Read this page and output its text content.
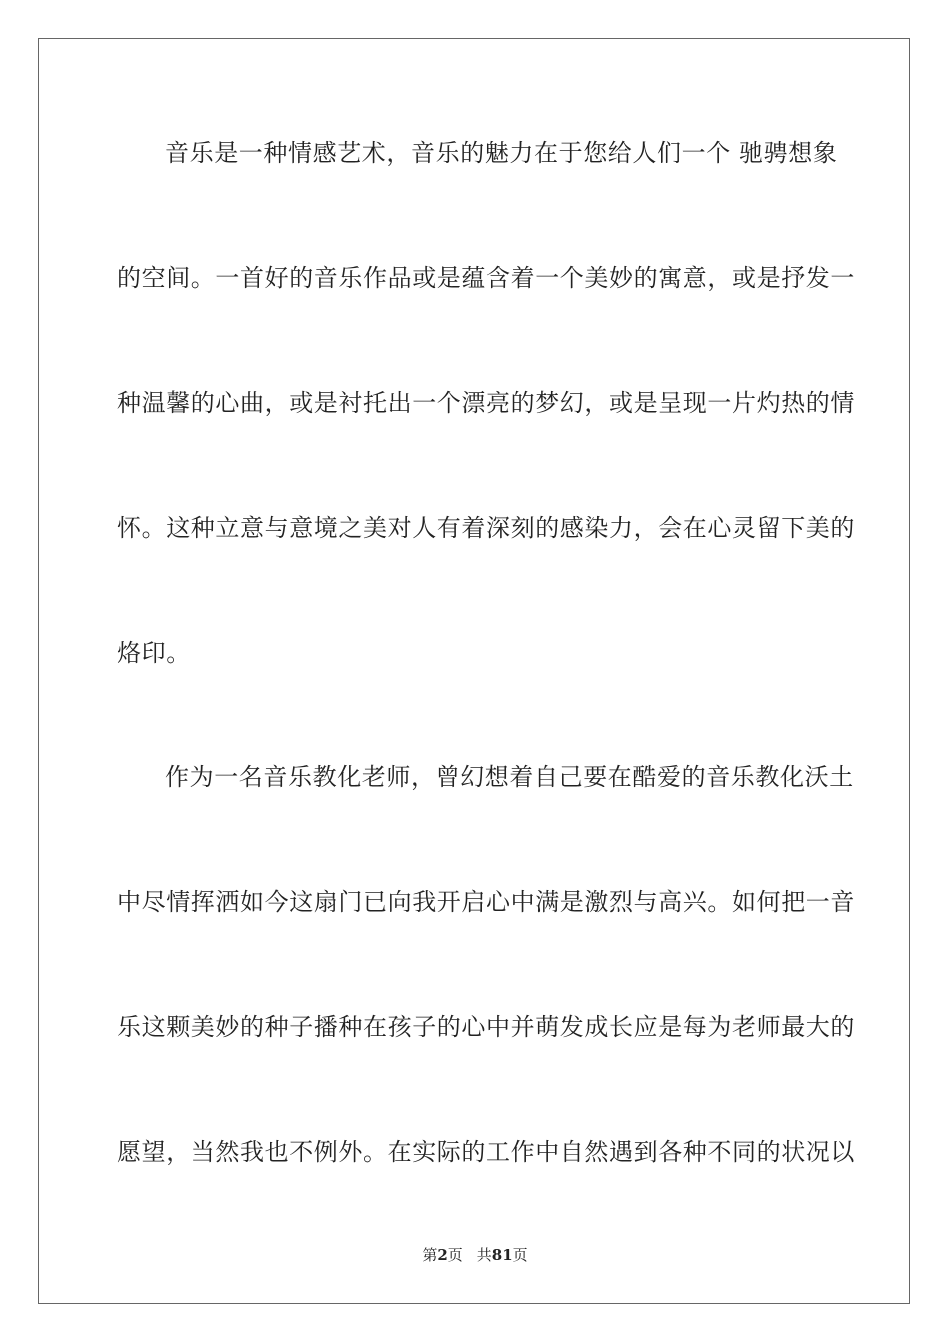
音乐是一种情感艺术，音乐的魅力在于您给人们一个 驰骋想象
的空间。一首好的音乐作品或是蕴含着一个美妙的寓意，或是抒发一
种温馨的心曲，或是衬托出一个漂亮的梦幻，或是呈现一片灼热的情
怀。这种立意与意境之美对人有着深刻的感染力，会在心灵留下美的
烙印。
作为一名音乐教化老师，曾幻想着自己要在酷爱的音乐教化沃土
中尽情挥洒如今这扇门已向我开启心中满是激烈与高兴。如何把一音
乐这颗美妙的种子播种在孩子的心中并萌发成长应是每为老师最大的
愿望，当然我也不例外。在实际的工作中自然遇到各种不同的状况以
第2页 共81页
